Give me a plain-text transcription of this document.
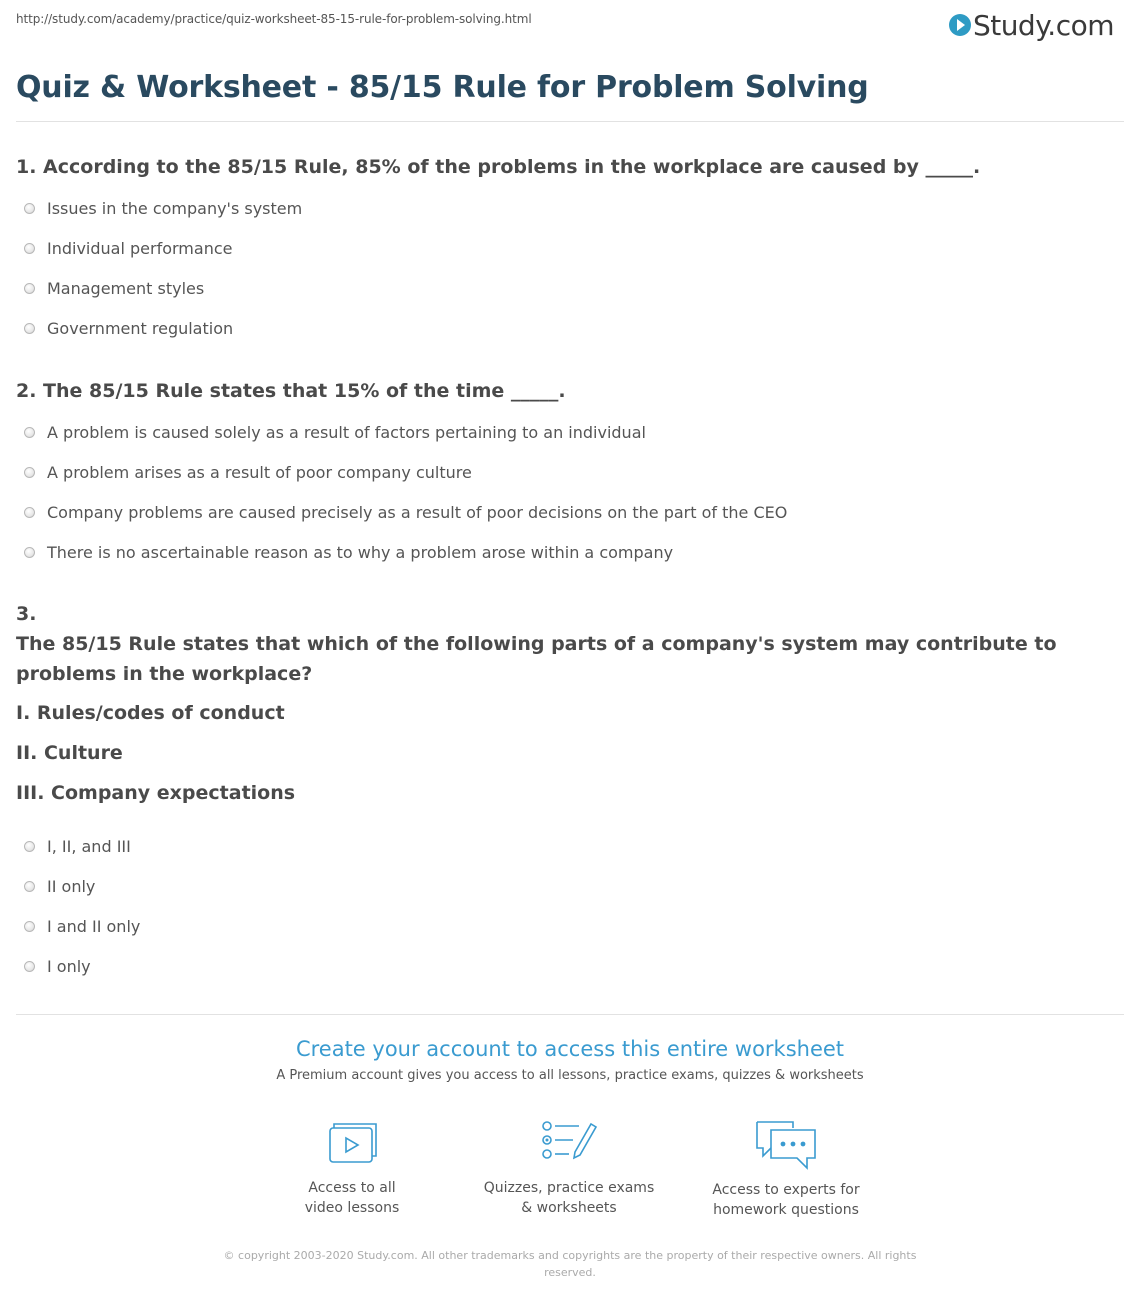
http://study.com/academy/practice/quiz-worksheet-85-15-rule-for-problem-solving.html	Study.com
Quiz & Worksheet - 85/15 Rule for Problem Solving
1. According to the 85/15 Rule, 85% of the problems in the workplace are caused by _____.
Issues in the company's system
Individual performance
Management styles
Government regulation
2. The 85/15 Rule states that 15% of the time _____.
A problem is caused solely as a result of factors pertaining to an individual
A problem arises as a result of poor company culture
Company problems are caused precisely as a result of poor decisions on the part of the CEO
There is no ascertainable reason as to why a problem arose within a company
3.
The 85/15 Rule states that which of the following parts of a company's system may contribute to problems in the workplace?
I. Rules/codes of conduct
II. Culture
III. Company expectations
I, II, and III
II only
I and II only
I only
Create your account to access this entire worksheet
A Premium account gives you access to all lessons, practice exams, quizzes & worksheets
Access to all
video lessons
Quizzes, practice exams
& worksheets
Access to experts for
homework questions
© copyright 2003-2020 Study.com. All other trademarks and copyrights are the property of their respective owners. All rights reserved.
